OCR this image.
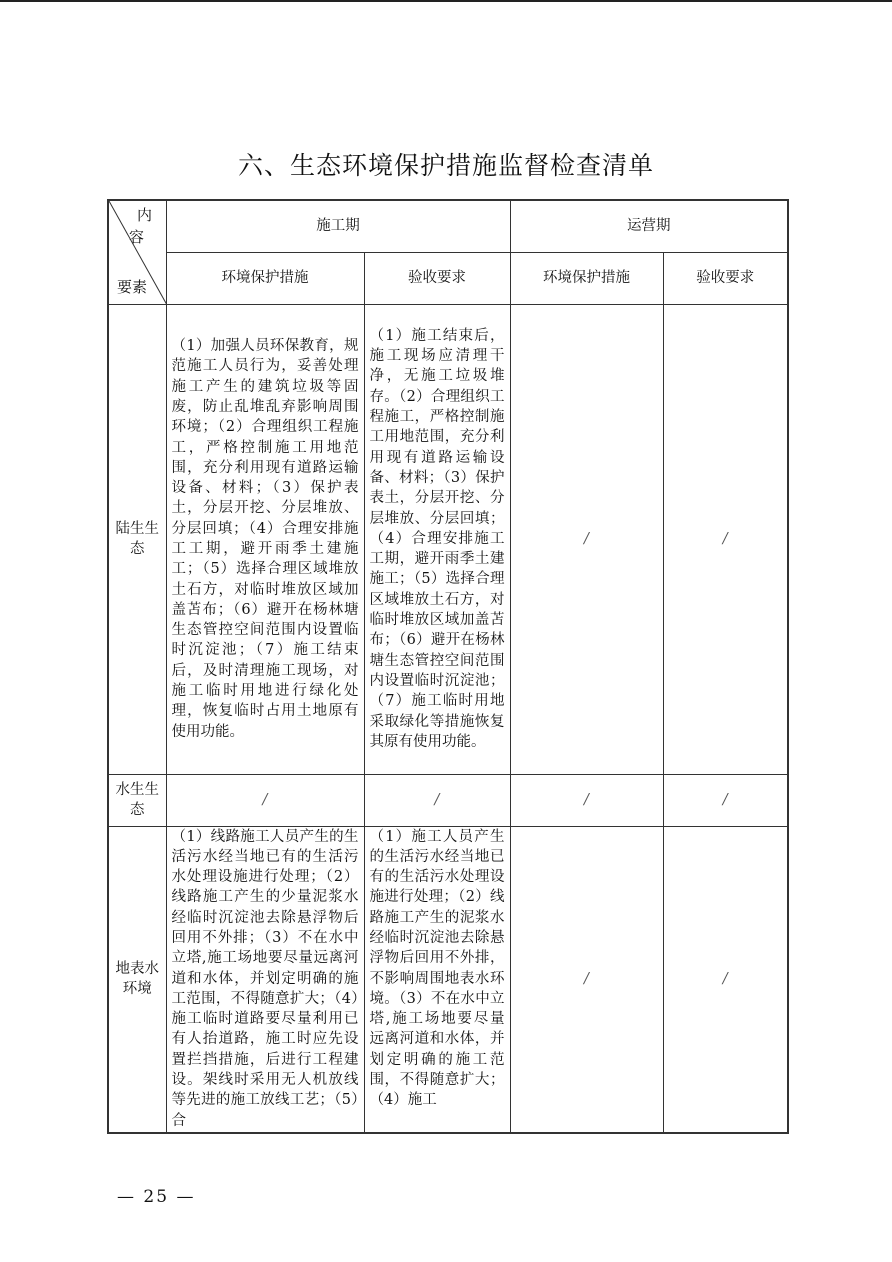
六、生态环境保护措施监督检查清单
内
容
要素	施工期		运营期	
	环境保护措施	验收要求	环境保护措施	验收要求
陆生生态	（1）加强人员环保教育，规范施工人员行为，妥善处理施工产生的建筑垃圾等固废，防止乱堆乱弃影响周围环境；（2）合理组织工程施工，严格控制施工用地范围，充分利用现有道路运输设备、材料；（3）保护表土，分层开挖、分层堆放、分层回填；（4）合理安排施工工期，避开雨季土建施工；（5）选择合理区域堆放土石方，对临时堆放区域加盖苫布；（6）避开在杨林塘生态管控空间范围内设置临时沉淀池；（7）施工结束后，及时清理施工现场，对施工临时用地进行绿化处理，恢复临时占用土地原有使用功能。	（1）施工结束后，施工现场应清理干净，无施工垃圾堆存。（2）合理组织工程施工，严格控制施工用地范围，充分利用现有道路运输设备、材料；（3）保护表土，分层开挖、分层堆放、分层回填；（4）合理安排施工工期，避开雨季土建施工；（5）选择合理区域堆放土石方，对临时堆放区域加盖苫布；（6）避开在杨林塘生态管控空间范围内设置临时沉淀池；（7）施工临时用地采取绿化等措施恢复其原有使用功能。	/	/
水生生态	/	/	/	/
地表水环境	（1）线路施工人员产生的生活污水经当地已有的生活污水处理设施进行处理；（2）线路施工产生的少量泥浆水经临时沉淀池去除悬浮物后回用不外排；（3）不在水中立塔,施工场地要尽量远离河道和水体，并划定明确的施工范围，不得随意扩大；（4）施工临时道路要尽量利用已有人抬道路，施工时应先设置拦挡措施，后进行工程建设。架线时采用无人机放线等先进的施工放线工艺；（5）合	（1）施工人员产生的生活污水经当地已有的生活污水处理设施进行处理；（2）线路施工产生的泥浆水经临时沉淀池去除悬浮物后回用不外排，不影响周围地表水环境。（3）不在水中立塔,施工场地要尽量远离河道和水体，并划定明确的施工范围，不得随意扩大；（4）施工	/	/
— 25 —
